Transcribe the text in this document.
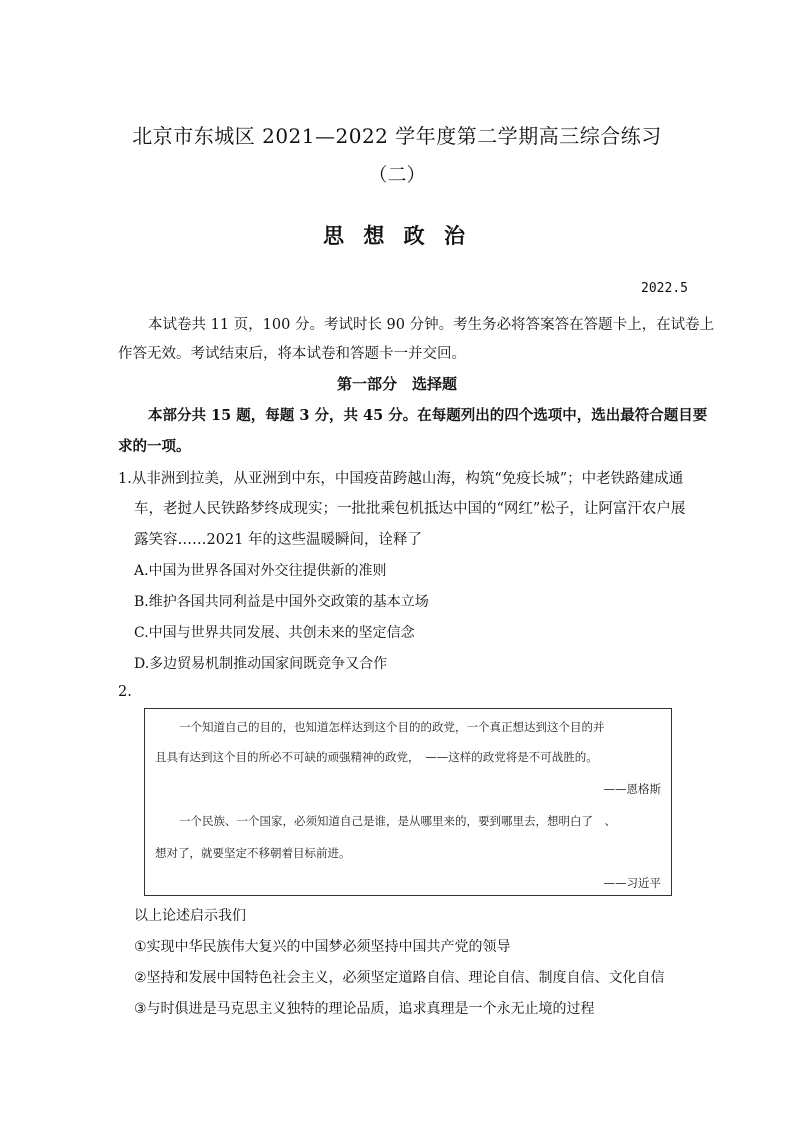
北京市东城区 2021—2022 学年度第二学期高三综合练习
（二）
思 想 政 治
2022.5
本试卷共 11 页，100 分。考试时长 90 分钟。考生务必将答案答在答题卡上，在试卷上
作答无效。考试结束后，将本试卷和答题卡一并交回。
第一部分　选择题
本部分共 15 题，每题 3 分，共 45 分。在每题列出的四个选项中，选出最符合题目要
求的一项。
1.从非洲到拉美，从亚洲到中东，中国疫苗跨越山海，构筑“免疫长城”；中老铁路建成通
车，老挝人民铁路梦终成现实；一批批乘包机抵达中国的“网红”松子，让阿富汗农户展
露笑容……2021 年的这些温暖瞬间，诠释了
A.中国为世界各国对外交往提供新的准则
B.维护各国共同利益是中国外交政策的基本立场
C.中国与世界共同发展、共创未来的坚定信念
D.多边贸易机制推动国家间既竞争又合作
2.
一个知道自己的目的，也知道怎样达到这个目的的政党，一个真正想达到这个目的并
且具有达到这个目的所必不可缺的顽强精神的政党，　——这样的政党将是不可战胜的。
——恩格斯
一个民族、一个国家，必须知道自己是谁，是从哪里来的，要到哪里去，想明白了　、
想对了，就要坚定不移朝着目标前进。
——习近平
以上论述启示我们
①实现中华民族伟大复兴的中国梦必须坚持中国共产党的领导
②坚持和发展中国特色社会主义，必须坚定道路自信、理论自信、制度自信、文化自信
③与时俱进是马克思主义独特的理论品质，追求真理是一个永无止境的过程
